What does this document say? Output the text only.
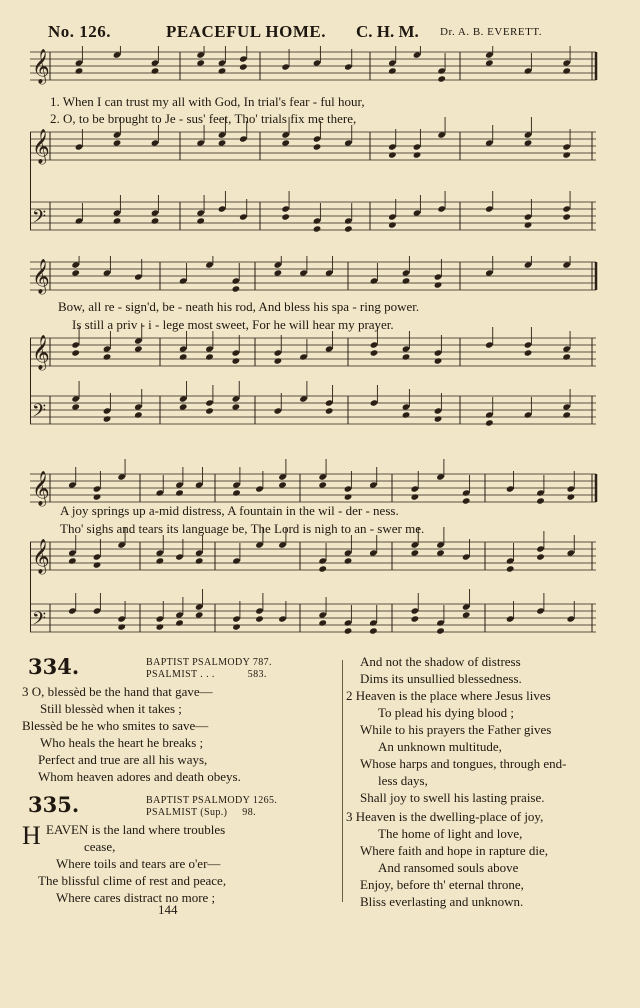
No. 126.	PEACEFUL HOME. C. H. M. Dr. A. B. EVERETT.
𝄞
𝄞
𝄢
1. When I can trust my all with God, In trial's fear - ful hour,
2. O, to be brought to Je - sus' feet, Tho' trials fix me there,
𝄞
𝄞
𝄢
Bow, all re - sign'd, be - neath his rod, And bless his spa - ring power.
Is still a priv - i - lege most sweet, For he will hear my prayer.
𝄞
𝄞
𝄢
A joy springs up a-mid distress, A fountain in the wil - der - ness.
Tho' sighs and tears its language be, The Lord is nigh to an - swer me.
334.	BAPTIST PSALMODY 787.
PSALMIST . . .	583.
3 O, blessèd be the hand that gave—
Still blessèd when it takes ;
Blessèd be he who smites to save—
Who heals the heart he breaks ;
Perfect and true are all his ways,
Whom heaven adores and death obeys.
335.	BAPTIST PSALMODY 1265.
PSALMIST (Sup.) 98.
H EAVEN is the land where troubles
cease,
Where toils and tears are o'er—
The blissful clime of rest and peace,
Where cares distract no more ;
144
And not the shadow of distress
Dims its unsullied blessedness.
2 Heaven is the place where Jesus lives
To plead his dying blood ;
While to his prayers the Father gives
An unknown multitude,
Whose harps and tongues, through end-
less days,
Shall joy to swell his lasting praise.
3 Heaven is the dwelling-place of joy,
The home of light and love,
Where faith and hope in rapture die,
And ransomed souls above
Enjoy, before th' eternal throne,
Bliss everlasting and unknown.
